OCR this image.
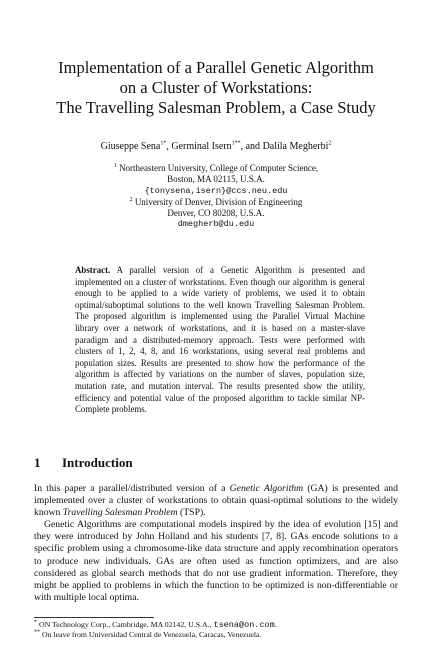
Implementation of a Parallel Genetic Algorithm
on a Cluster of Workstations:
The Travelling Salesman Problem, a Case Study
Giuseppe Sena$^{1*}$, Germinal Isern$^{1**}$, and Dalila Megherbi$^2$
$^1$ Northeastern University, College of Computer Science,
Boston, MA 02115, U.S.A.
{tonysena,isern}@ccs.neu.edu
$^2$ University of Denver, Division of Engineering
Denver, CO 80208, U.S.A.
dmegherb@du.edu

Abstract. A parallel version of a Genetic Algorithm is presented and implemented on a cluster of workstations. Even though our algorithm is general enough to be applied to a wide variety of problems, we used it to obtain optimal/suboptimal solutions to the well known Travelling Salesman Problem. The proposed algorithm is implemented using the Parallel Virtual Machine library over a network of workstations, and it is based on a master-slave paradigm and a distributed-memory approach. Tests were performed with clusters of 1, 2, 4, 8, and 16 workstations, using several real problems and population sizes. Results are presented to show how the performance of the algorithm is affected by variations on the number of slaves, population size, mutation rate, and mutation interval. The results presented show the utility, efficiency and potential value of the proposed algorithm to tackle similar NP-Complete problems.

1 Introduction

In this paper a parallel/distributed version of a Genetic Algorithm (GA) is presented and implemented over a cluster of workstations to obtain quasi-optimal solutions to the widely known Travelling Salesman Problem (TSP).

Genetic Algorithms are computational models inspired by the idea of evolution [15] and they were introduced by John Holland and his students [7, 8]. GAs encode solutions to a specific problem using a chromosome-like data structure and apply recombination operators to produce new individuals. GAs are often used as function optimizers, and are also considered as global search methods that do not use gradient information. Therefore, they might be applied to problems in which the function to be optimized is non-differentiable or with multiple local optima.

* ON Technology Corp., Cambridge, MA 02142, U.S.A., tsena@on.com.
** On leave from Universidad Central de Venezuela, Caracas, Venezuela.
